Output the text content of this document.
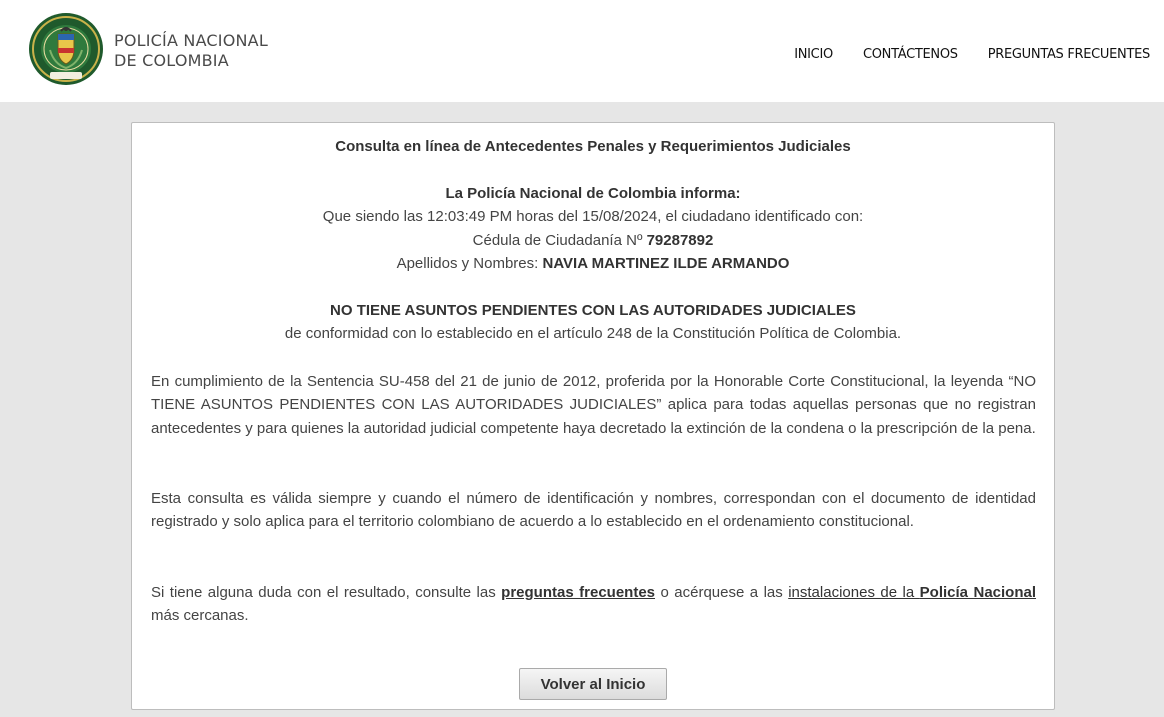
POLICÍA NACIONAL
DE COLOMBIA	INICIO CONTÁCTENOS PREGUNTAS FRECUENTES
Consulta en línea de Antecedentes Penales y Requerimientos Judiciales
La Policía Nacional de Colombia informa:
Que siendo las 12:03:49 PM horas del 15/08/2024, el ciudadano identificado con:
Cédula de Ciudadanía Nº 79287892
Apellidos y Nombres: NAVIA MARTINEZ ILDE ARMANDO
NO TIENE ASUNTOS PENDIENTES CON LAS AUTORIDADES JUDICIALES
de conformidad con lo establecido en el artículo 248 de la Constitución Política de Colombia.
En cumplimiento de la Sentencia SU-458 del 21 de junio de 2012, proferida por la Honorable Corte Constitucional, la leyenda “NO TIENE ASUNTOS PENDIENTES CON LAS AUTORIDADES JUDICIALES” aplica para todas aquellas personas que no registran antecedentes y para quienes la autoridad judicial competente haya decretado la extinción de la condena o la prescripción de la pena.
Esta consulta es válida siempre y cuando el número de identificación y nombres, correspondan con el documento de identidad registrado y solo aplica para el territorio colombiano de acuerdo a lo establecido en el ordenamiento constitucional.
Si tiene alguna duda con el resultado, consulte las preguntas frecuentes o acérquese a las instalaciones de la Policía Nacional más cercanas.
Volver al Inicio
